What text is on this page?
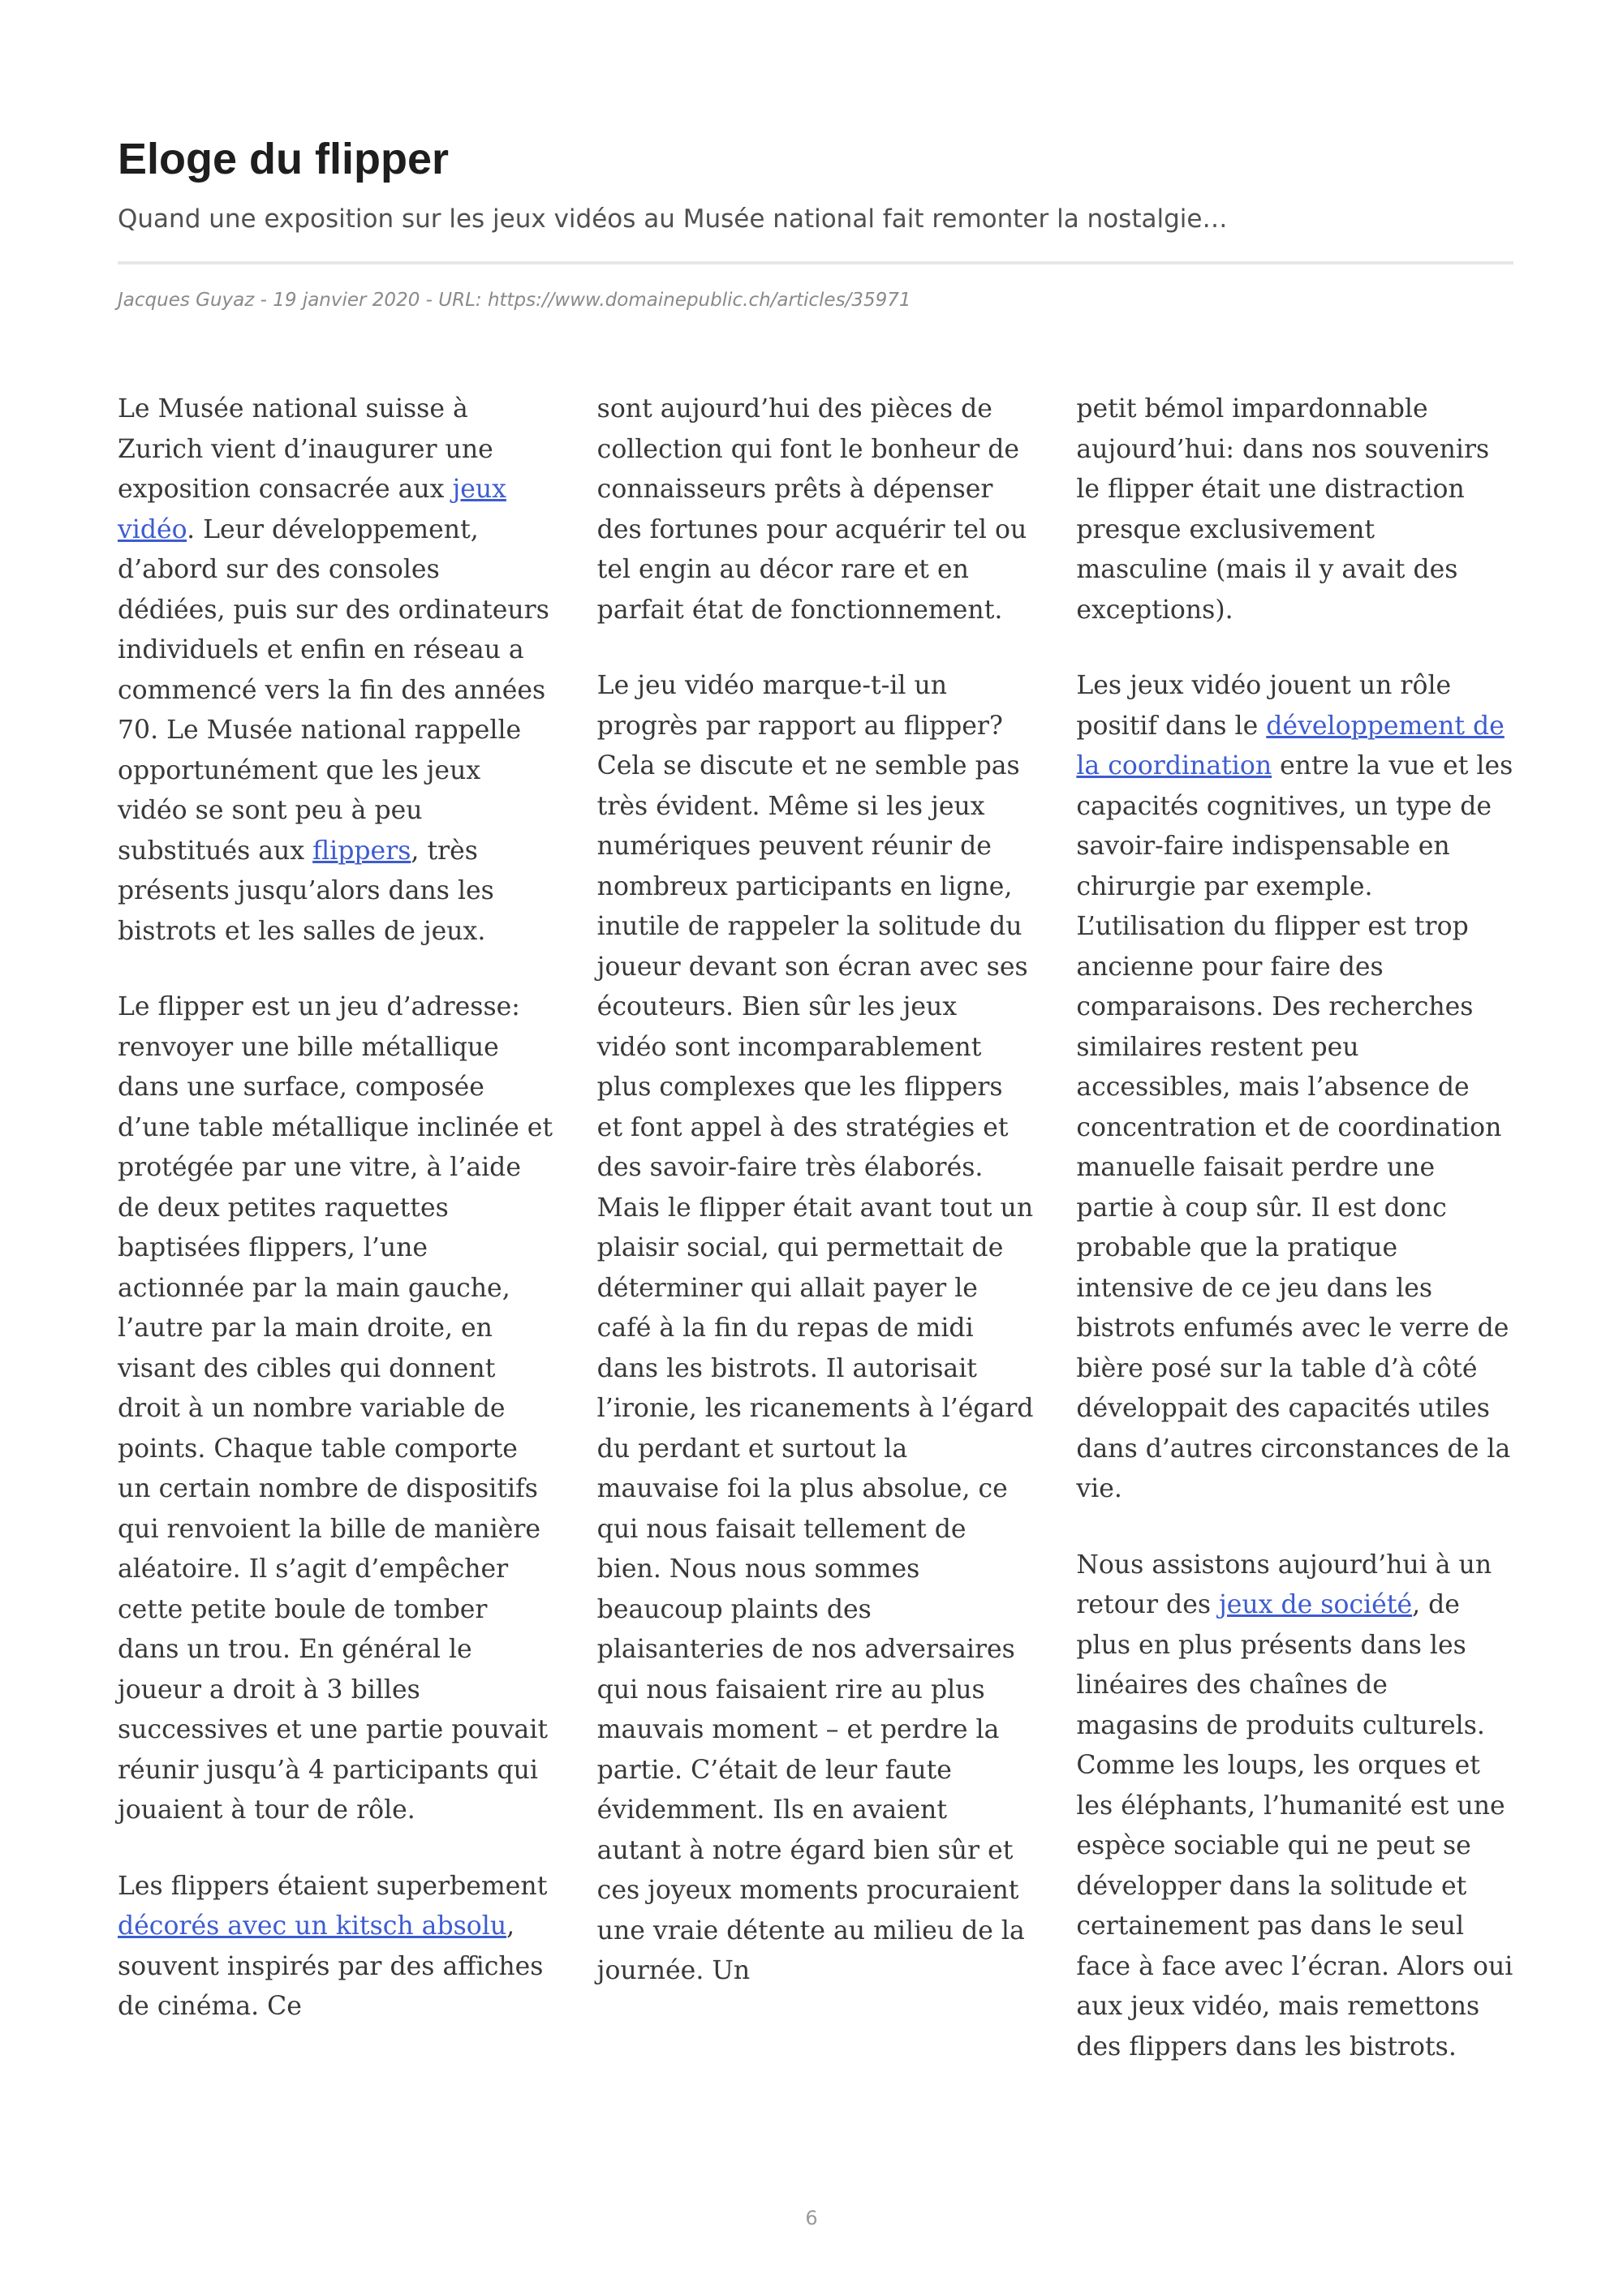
Eloge du flipper
Quand une exposition sur les jeux vidéos au Musée national fait remonter la nostalgie…
Jacques Guyaz - 19 janvier 2020 - URL: https://www.domainepublic.ch/articles/35971

Le Musée national suisse à Zurich vient d’inaugurer une exposition consacrée aux jeux vidéo. Leur développement, d’abord sur des consoles dédiées, puis sur des ordinateurs individuels et enfin en réseau a commencé vers la fin des années 70. Le Musée national rappelle opportunément que les jeux vidéo se sont peu à peu substitués aux flippers, très présents jusqu’alors dans les bistrots et les salles de jeux.

Le flipper est un jeu d’adresse: renvoyer une bille métallique dans une surface, composée d’une table métallique inclinée et protégée par une vitre, à l’aide de deux petites raquettes baptisées flippers, l’une actionnée par la main gauche, l’autre par la main droite, en visant des cibles qui donnent droit à un nombre variable de points. Chaque table comporte un certain nombre de dispositifs qui renvoient la bille de manière aléatoire. Il s’agit d’empêcher cette petite boule de tomber dans un trou. En général le joueur a droit à 3 billes successives et une partie pouvait réunir jusqu’à 4 participants qui jouaient à tour de rôle.

Les flippers étaient superbement décorés avec un kitsch absolu, souvent inspirés par des affiches de cinéma. Ce

sont aujourd’hui des pièces de collection qui font le bonheur de connaisseurs prêts à dépenser des fortunes pour acquérir tel ou tel engin au décor rare et en parfait état de fonctionnement.

Le jeu vidéo marque-t-il un progrès par rapport au flipper? Cela se discute et ne semble pas très évident. Même si les jeux numériques peuvent réunir de nombreux participants en ligne, inutile de rappeler la solitude du joueur devant son écran avec ses écouteurs. Bien sûr les jeux vidéo sont incomparablement plus complexes que les flippers et font appel à des stratégies et des savoir-faire très élaborés. Mais le flipper était avant tout un plaisir social, qui permettait de déterminer qui allait payer le café à la fin du repas de midi dans les bistrots. Il autorisait l’ironie, les ricanements à l’égard du perdant et surtout la mauvaise foi la plus absolue, ce qui nous faisait tellement de bien. Nous nous sommes beaucoup plaints des plaisanteries de nos adversaires qui nous faisaient rire au plus mauvais moment – et perdre la partie. C’était de leur faute évidemment. Ils en avaient autant à notre égard bien sûr et ces joyeux moments procuraient une vraie détente au milieu de la journée. Un

petit bémol impardonnable aujourd’hui: dans nos souvenirs le flipper était une distraction presque exclusivement masculine (mais il y avait des exceptions).

Les jeux vidéo jouent un rôle positif dans le développement de la coordination entre la vue et les capacités cognitives, un type de savoir-faire indispensable en chirurgie par exemple. L’utilisation du flipper est trop ancienne pour faire des comparaisons. Des recherches similaires restent peu accessibles, mais l’absence de concentration et de coordination manuelle faisait perdre une partie à coup sûr. Il est donc probable que la pratique intensive de ce jeu dans les bistrots enfumés avec le verre de bière posé sur la table d’à côté développait des capacités utiles dans d’autres circonstances de la vie.

Nous assistons aujourd’hui à un retour des jeux de société, de plus en plus présents dans les linéaires des chaînes de magasins de produits culturels. Comme les loups, les orques et les éléphants, l’humanité est une espèce sociable qui ne peut se développer dans la solitude et certainement pas dans le seul face à face avec l’écran. Alors oui aux jeux vidéo, mais remettons des flippers dans les bistrots.

6
